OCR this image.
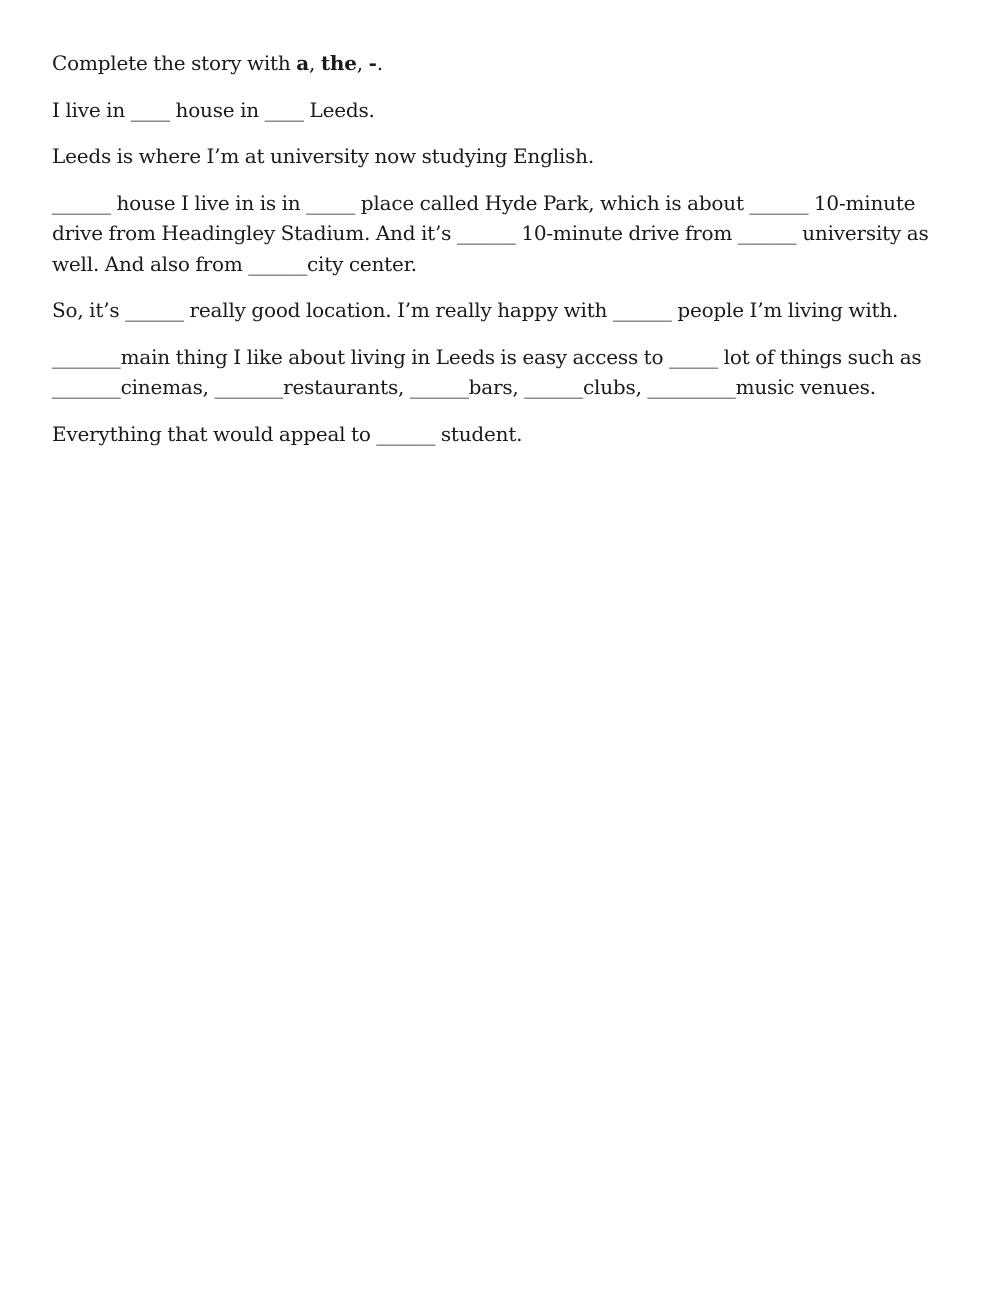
Complete the story with a, the, -.

I live in ____ house in ____ Leeds.

Leeds is where I’m at university now studying English.

______ house I live in is in _____ place called Hyde Park, which is about ______ 10-minute drive from Headingley Stadium. And it’s ______ 10-minute drive from ______ university as well. And also from ______city center.

So, it’s ______ really good location. I’m really happy with ______ people I’m living with.

_______main thing I like about living in Leeds is easy access to _____ lot of things such as _______cinemas, _______restaurants, ______bars, ______clubs, _________music venues.

Everything that would appeal to ______ student.
